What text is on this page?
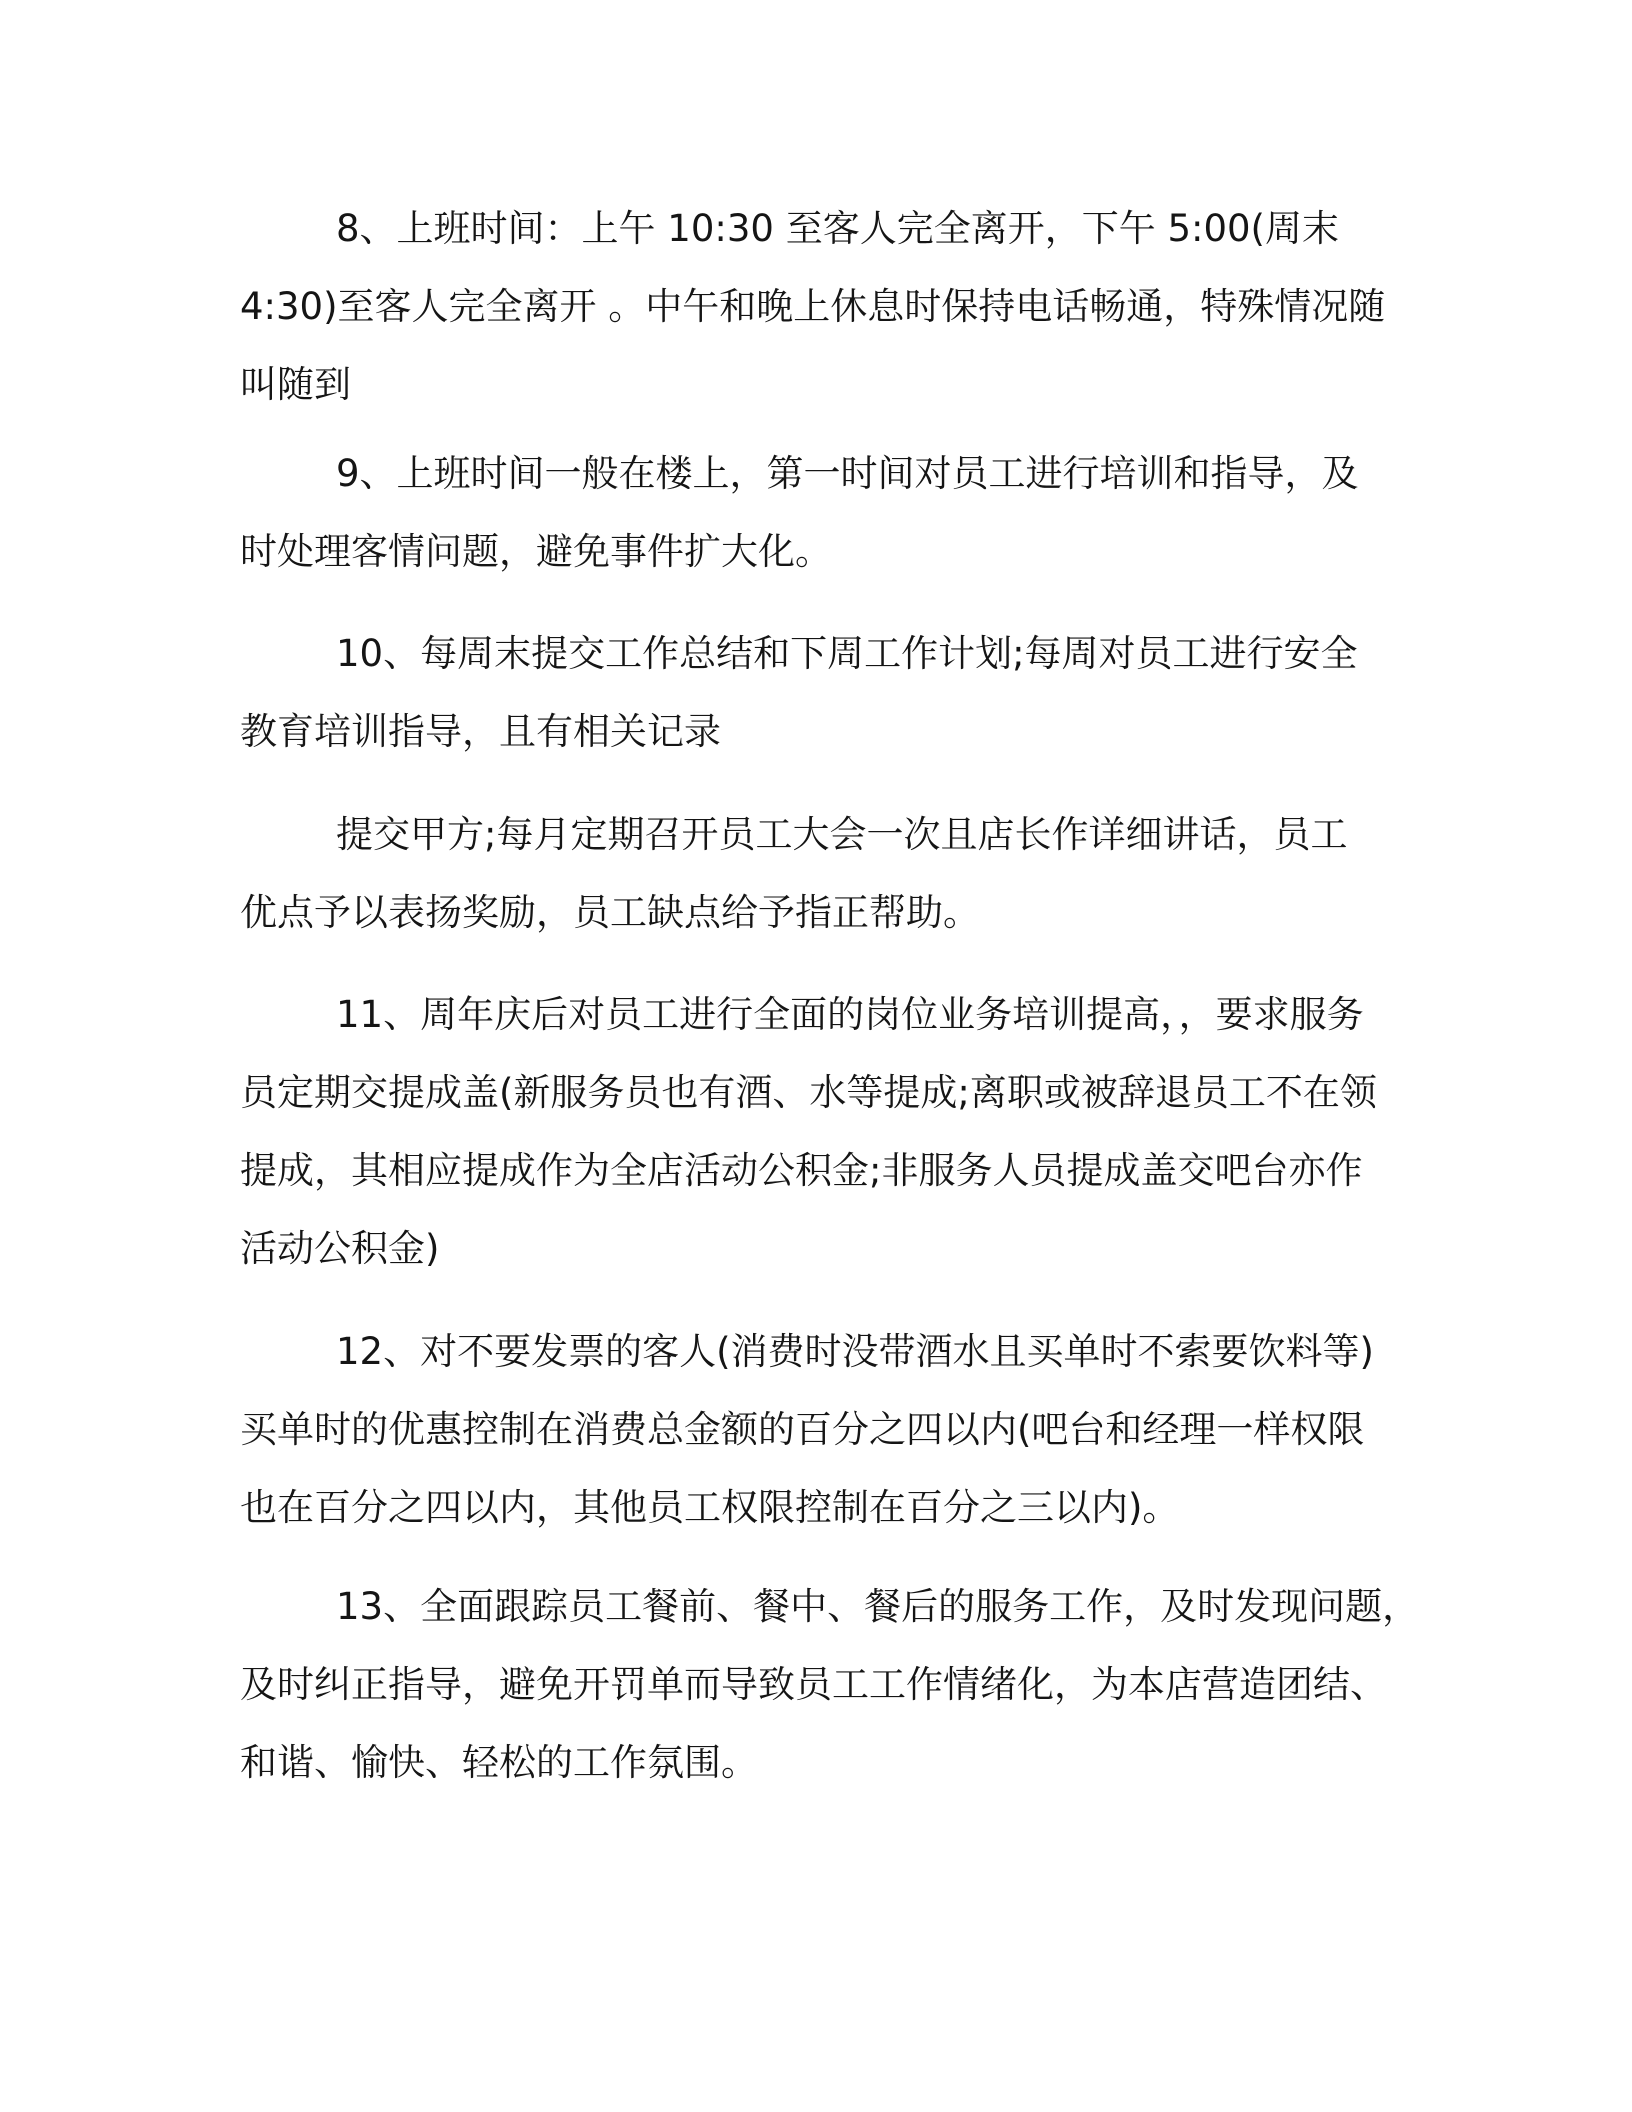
8、上班时间：上午 10:30 至客人完全离开，下午 5:00(周末
4:30)至客人完全离开 。中午和晚上休息时保持电话畅通，特殊情况随
叫随到
9、上班时间一般在楼上，第一时间对员工进行培训和指导，及
时处理客情问题，避免事件扩大化。
10、每周末提交工作总结和下周工作计划;每周对员工进行安全
教育培训指导，且有相关记录
提交甲方;每月定期召开员工大会一次且店长作详细讲话，员工
优点予以表扬奖励，员工缺点给予指正帮助。
11、周年庆后对员工进行全面的岗位业务培训提高，，要求服务
员定期交提成盖(新服务员也有酒、水等提成;离职或被辞退员工不在领
提成，其相应提成作为全店活动公积金;非服务人员提成盖交吧台亦作
活动公积金)
12、对不要发票的客人(消费时没带酒水且买单时不索要饮料等)
买单时的优惠控制在消费总金额的百分之四以内(吧台和经理一样权限
也在百分之四以内，其他员工权限控制在百分之三以内)。
13、全面跟踪员工餐前、餐中、餐后的服务工作，及时发现问题，
及时纠正指导，避免开罚单而导致员工工作情绪化，为本店营造团结、
和谐、愉快、轻松的工作氛围。
